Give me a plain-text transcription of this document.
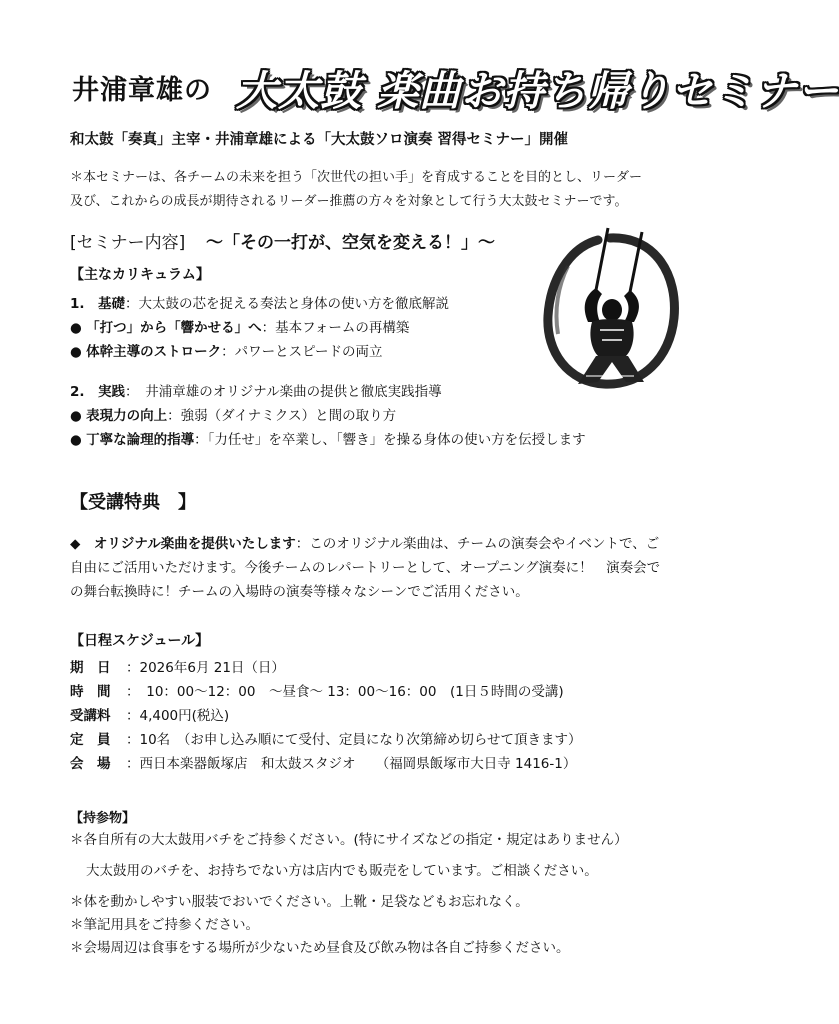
井浦章雄の 大太鼓 楽曲お持ち帰りセミナー
和太鼓「奏真」主宰・井浦章雄による「大太鼓ソロ演奏 習得セミナー」開催
＊本セミナーは、各チームの未来を担う「次世代の担い手」を育成することを目的とし、リーダー
及び、これからの成長が期待されるリーダー推薦の方々を対象として行う大太鼓セミナーです。
[セミナー内容] ～「その一打が、空気を変える！」～
【主なカリキュラム】
1.　基礎：大太鼓の芯を捉える奏法と身体の使い方を徹底解説
● 「打つ」から「響かせる」へ：基本フォームの再構築
● 体幹主導のストローク：パワーとスピードの両立
2.　実践：　井浦章雄のオリジナル楽曲の提供と徹底実践指導
● 表現力の向上：強弱（ダイナミクス）と間の取り方
● 丁寧な論理的指導：「力任せ」を卒業し、「響き」を操る身体の使い方を伝授します
【受講特典　】
◆　オリジナル楽曲を提供いたします：このオリジナル楽曲は、チームの演奏会やイベントで、ご自由にご活用いただけます。今後チームのレパートリーとして、オープニング演奏に！　演奏会での舞台転換時に！チームの入場時の演奏等様々なシーンでご活用ください。
【日程スケジュール】
期　日 ：2026年6月 21日（日）
時　間 ：　10：00～12：00　～昼食～ 13：00～16：00　(1日５時間の受講)
受講料 ：4,400円(税込)
定　員 ：10名　（お申し込み順にて受付、定員になり次第締め切らせて頂きます）
会　場 ：西日本楽器飯塚店　和太鼓スタジオ　　（福岡県飯塚市大日寺 1416-1）
【持参物】
＊各自所有の大太鼓用バチをご持参ください。(特にサイズなどの指定・規定はありません）
大太鼓用のバチを、お持ちでない方は店内でも販売をしています。ご相談ください。
＊体を動かしやすい服装でおいでください。上靴・足袋などもお忘れなく。
＊筆記用具をご持参ください。
＊会場周辺は食事をする場所が少ないため昼食及び飲み物は各自ご持参ください。
